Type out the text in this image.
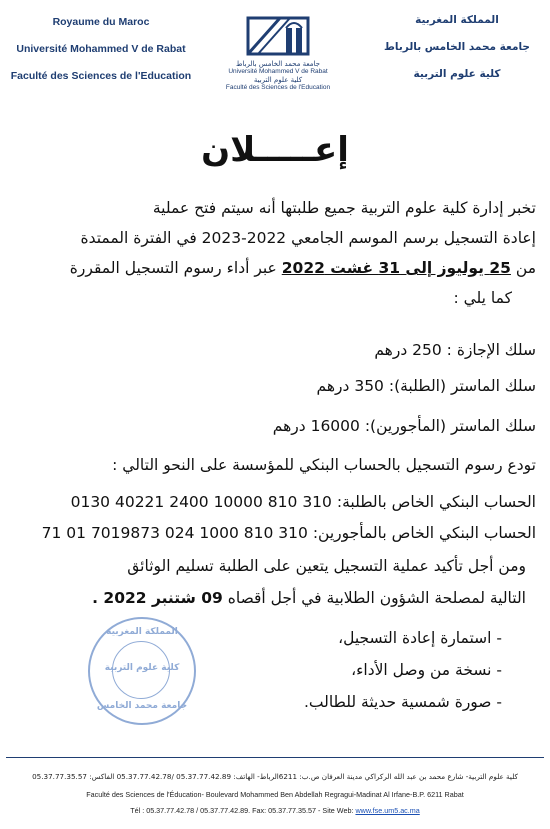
Royaume du Maroc
Université Mohammed V de Rabat
Faculté des Sciences de l'Education
جامعة محمد الخامس بالرباط
Université Mohammed V de Rabat
كلية علوم التربية
Faculté des Sciences de l'Education
المملكة المغربية
جامعة محمد الخامس بالرباط
كلية علوم التربية
إعـــــلان
تخبر إدارة كلية علوم التربية جميع طلبتها أنه سيتم فتح عملية
إعادة التسجيل برسم الموسم الجامعي 2022-2023 في الفترة الممتدة
من 25 يوليوز إلى 31 غشت 2022 عبر أداء رسوم التسجيل المقررة
كما يلي :
سلك الإجازة : 250 درهم
سلك الماستر (الطلبة): 350 درهم
سلك الماستر (المأجورين): 16000 درهم
تودع رسوم التسجيل بالحساب البنكي للمؤسسة على النحو التالي :
الحساب البنكي الخاص بالطلبة: 0130 40221 2400 10000 810 310
الحساب البنكي الخاص بالمأجورين: 71 01 7019873 024 1000 810 310
ومن أجل تأكيد عملية التسجيل يتعين على الطلبة تسليم الوثائق
التالية لمصلحة الشؤون الطلابية في أجل أقصاه 09 شتنبر 2022 .
- استمارة إعادة التسجيل،
- نسخة من وصل الأداء،
- صورة شمسية حديثة للطالب.
المملكة المغربية
كلية علوم التربية
جامعة محمد الخامس
كلية علوم التربية- شارع محمد بن عبد الله الركراكي مدينة العرفان ص.ب: 6211الرباط- الهاتف: 05.37.77.42.89 /05.37.77.42.78 الفاكس: 05.37.77.35.57
Faculté des Sciences de l'Éducation- Boulevard Mohammed Ben Abdellah Regragui-Madinat Al Irfane-B.P. 6211 Rabat
Tél : 05.37.77.42.78 / 05.37.77.42.89. Fax: 05.37.77.35.57 - Site Web: www.fse.um5.ac.ma
